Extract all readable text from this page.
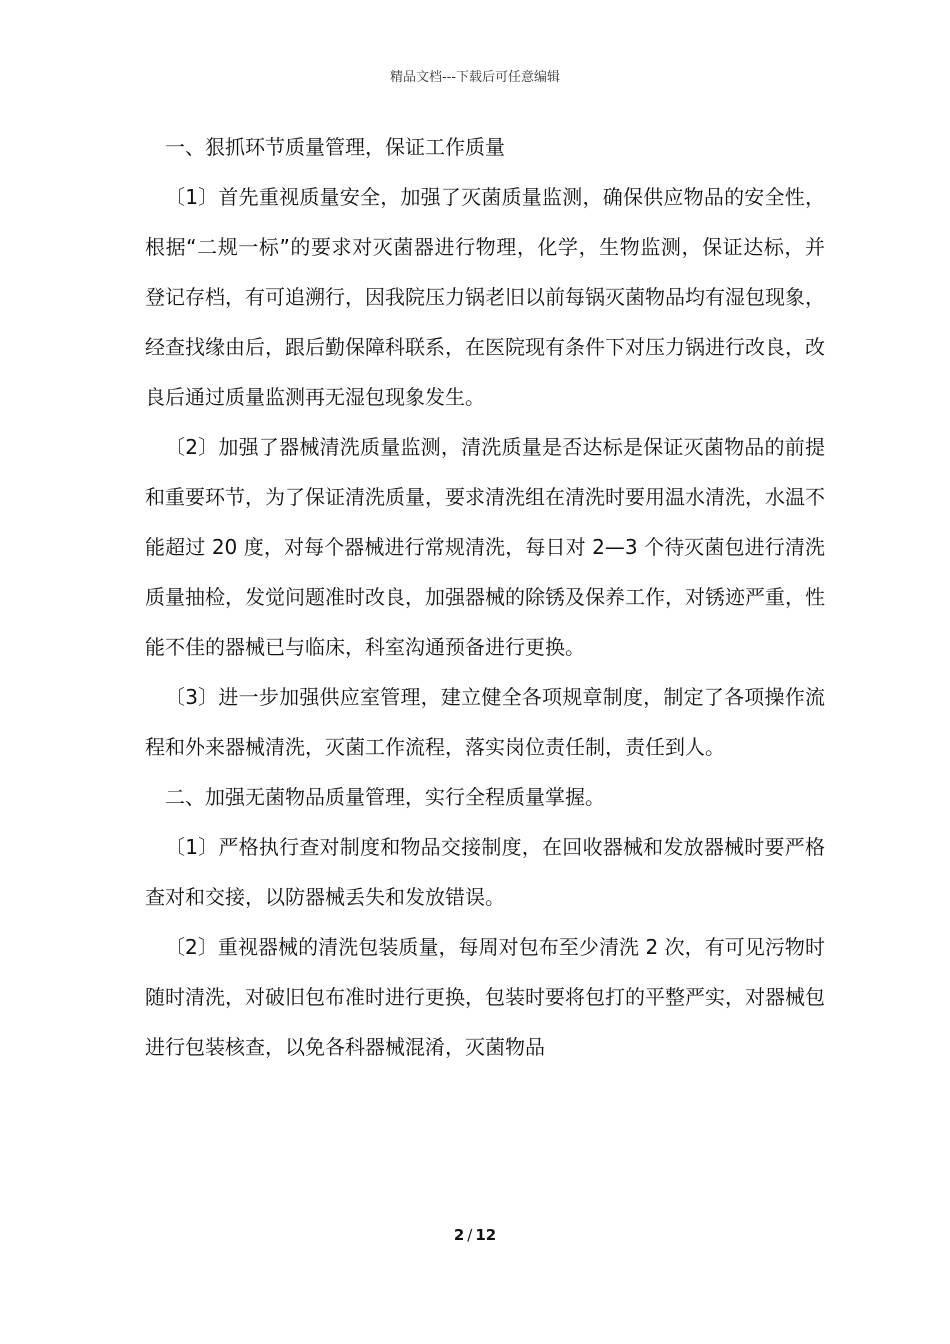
精品文档---下载后可任意编辑

一、狠抓环节质量管理，保证工作质量

〔1〕首先重视质量安全，加强了灭菌质量监测，确保供应物品的安全性，根据“二规一标”的要求对灭菌器进行物理，化学，生物监测，保证达标，并登记存档，有可追溯行，因我院压力锅老旧以前每锅灭菌物品均有湿包现象，经查找缘由后，跟后勤保障科联系，在医院现有条件下对压力锅进行改良，改良后通过质量监测再无湿包现象发生。

〔2〕加强了器械清洗质量监测，清洗质量是否达标是保证灭菌物品的前提和重要环节，为了保证清洗质量，要求清洗组在清洗时要用温水清洗，水温不能超过 20 度，对每个器械进行常规清洗，每日对 2—3 个待灭菌包进行清洗质量抽检，发觉问题准时改良，加强器械的除锈及保养工作，对锈迹严重，性能不佳的器械已与临床，科室沟通预备进行更换。

〔3〕进一步加强供应室管理，建立健全各项规章制度，制定了各项操作流程和外来器械清洗，灭菌工作流程，落实岗位责任制，责任到人。

二、加强无菌物品质量管理，实行全程质量掌握。

〔1〕严格执行查对制度和物品交接制度，在回收器械和发放器械时要严格查对和交接，以防器械丢失和发放错误。

〔2〕重视器械的清洗包装质量，每周对包布至少清洗 2 次，有可见污物时随时清洗，对破旧包布准时进行更换，包装时要将包打的平整严实，对器械包进行包装核查，以免各科器械混淆，灭菌物品

2 / 12
